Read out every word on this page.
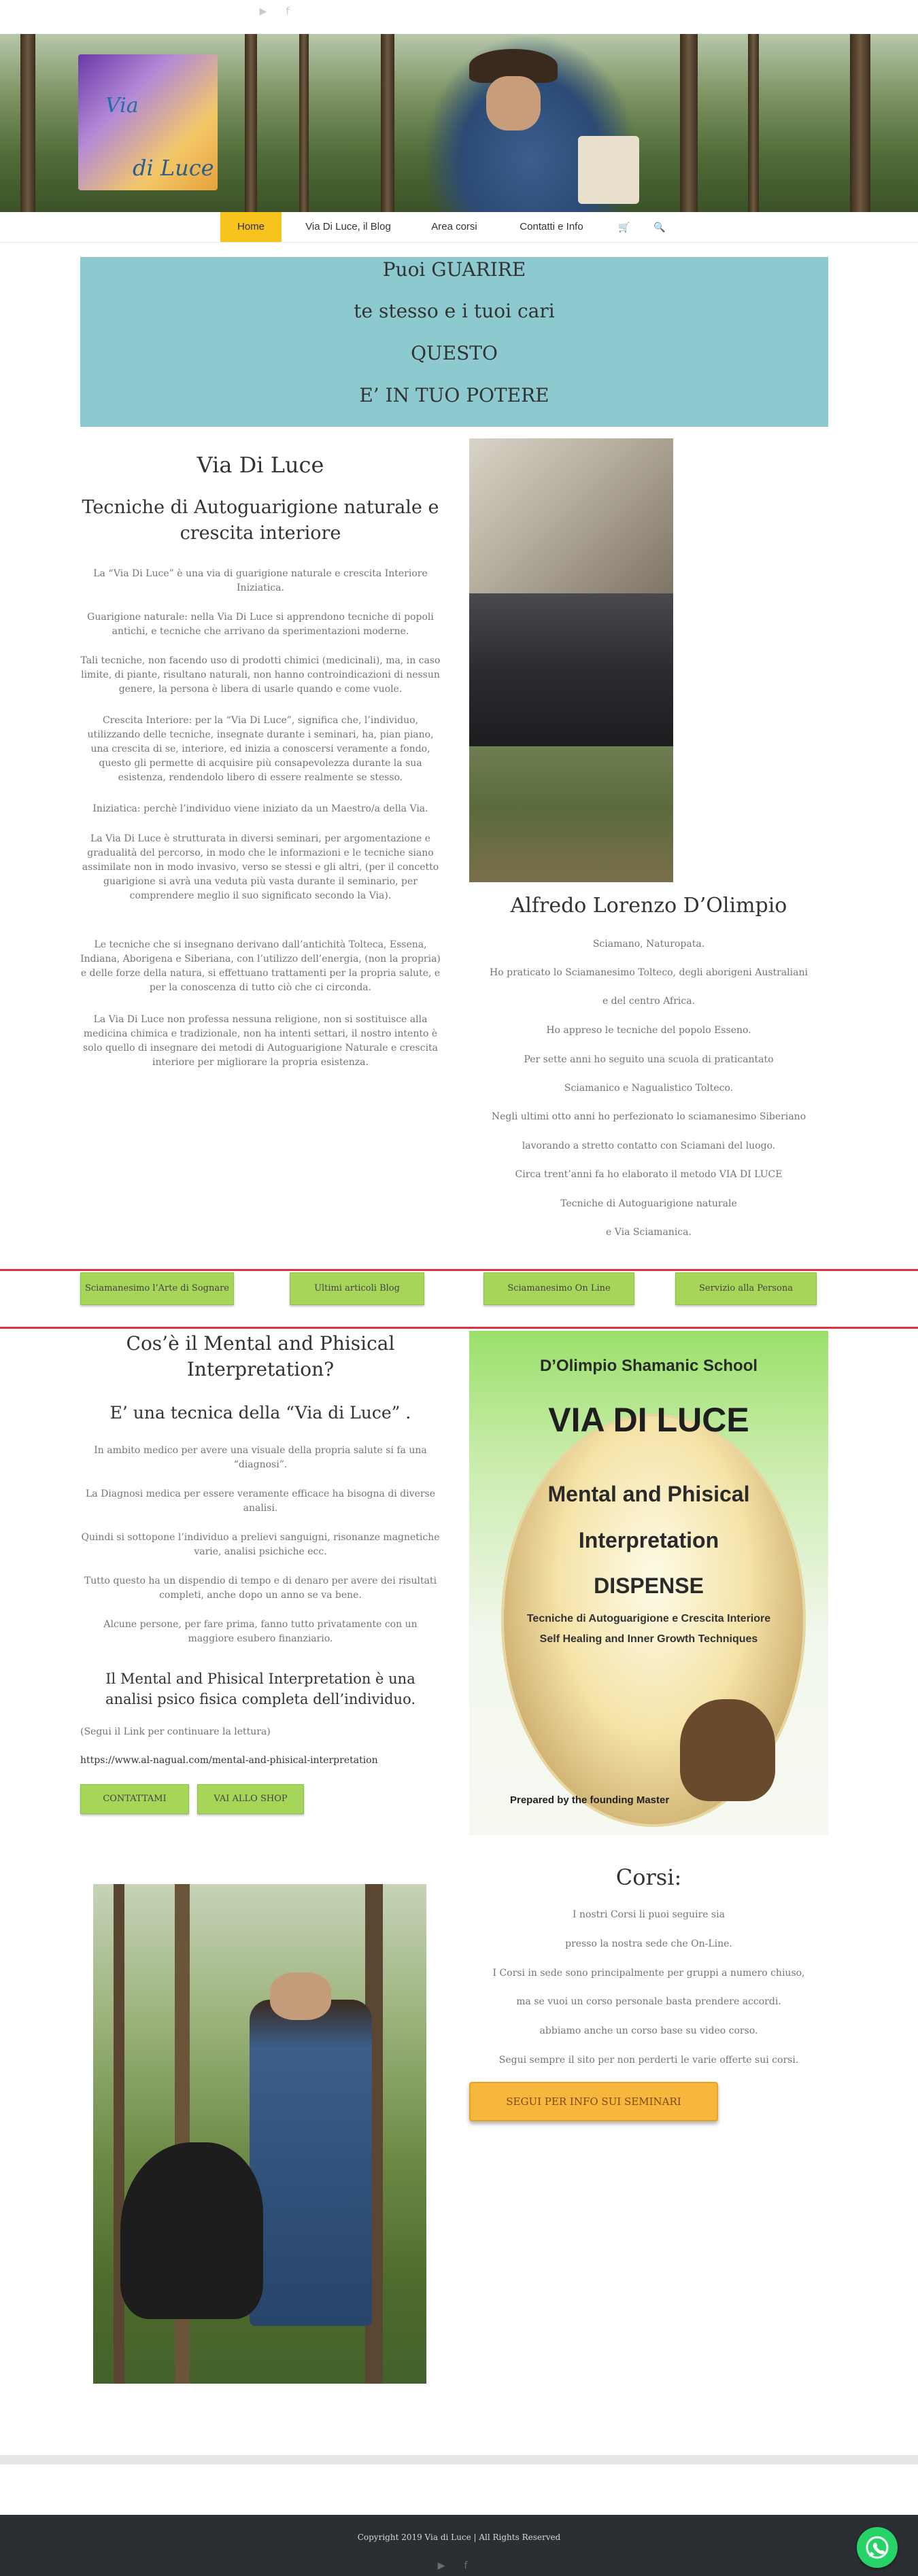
▶	f
Via
di Luce
Home	Via Di Luce, il Blog	Area corsi	Contatti e Info	🛒	🔍
Puoi GUARIRE
te stesso e i tuoi cari
QUESTO
E’ IN TUO POTERE
Via Di Luce
Tecniche di Autoguarigione naturale e crescita interiore
La “Via Di Luce” è una via di guarigione naturale e crescita Interiore Iniziatica.
Guarigione naturale: nella Via Di Luce si apprendono tecniche di popoli antichi, e tecniche che arrivano da sperimentazioni moderne.
Tali tecniche, non facendo uso di prodotti chimici (medicinali), ma, in caso limite, di piante, risultano naturali, non hanno controindicazioni di nessun genere, la persona è libera di usarle quando e come vuole.
Crescita Interiore: per la “Via Di Luce”, significa che, l’individuo, utilizzando delle tecniche, insegnate durante i seminari, ha, pian piano, una crescita di se, interiore, ed inizia a conoscersi veramente a fondo, questo gli permette di acquisire più consapevolezza durante la sua esistenza, rendendolo libero di essere realmente se stesso.
Iniziatica: perchè l’individuo viene iniziato da un Maestro/a della Via.
La Via Di Luce è strutturata in diversi seminari, per argomentazione e gradualità del percorso, in modo che le informazioni e le tecniche siano assimilate non in modo invasivo, verso se stessi e gli altri, (per il concetto guarigione si avrà una veduta più vasta durante il seminario, per comprendere meglio il suo significato secondo la Via).
Le tecniche che si insegnano derivano dall’antichità Tolteca, Essena, Indiana, Aborigena e Siberiana, con l’utilizzo dell’energia, (non la propria) e delle forze della natura, si effettuano trattamenti per la propria salute, e per la conoscenza di tutto ciò che ci circonda.
La Via Di Luce non professa nessuna religione, non si sostituisce alla medicina chimica e tradizionale, non ha intenti settari, il nostro intento è solo quello di insegnare dei metodi di Autoguarigione Naturale e crescita interiore per migliorare la propria esistenza.
Alfredo Lorenzo D’Olimpio
Sciamano, Naturopata.
Ho praticato lo Sciamanesimo Tolteco, degli aborigeni Australiani
e del centro Africa.
Ho appreso le tecniche del popolo Esseno.
Per sette anni ho seguito una scuola di praticantato
Sciamanico e Nagualistico Tolteco.
Negli ultimi otto anni ho perfezionato lo sciamanesimo Siberiano
lavorando a stretto contatto con Sciamani del luogo.
Circa trent’anni fa ho elaborato il metodo VIA DI LUCE
Tecniche di Autoguarigione naturale
e Via Sciamanica.
Sciamanesimo l’Arte di Sognare	Ultimi articoli Blog	Sciamanesimo On Line	Servizio alla Persona
Cos’è il Mental and Phisical Interpretation?
E’ una tecnica della “Via di Luce” .
In ambito medico per avere una visuale della propria salute si fa una “diagnosi”.
La Diagnosi medica per essere veramente efficace ha bisogna di diverse analisi.
Quindi si sottopone l’individuo a prelievi sanguigni, risonanze magnetiche varie, analisi psichiche ecc.
Tutto questo ha un dispendio di tempo e di denaro per avere dei risultati completi, anche dopo un anno se va bene.
Alcune persone, per fare prima, fanno tutto privatamente con un maggiore esubero finanziario.
Il Mental and Phisical Interpretation è una analisi psico fisica completa dell’individuo.
(Segui il Link per continuare la lettura)
https://www.al-nagual.com/mental-and-phisical-interpretation
CONTATTAMI	VAI ALLO SHOP
D’Olimpio Shamanic School
VIA DI LUCE
Mental and Phisical
Interpretation
DISPENSE
Tecniche di Autoguarigione e Crescita Interiore
Self Healing and Inner Growth Techniques
Prepared by the founding Master
Corsi:
I nostri Corsi li puoi seguire sia
presso la nostra sede che On-Line.
I Corsi in sede sono principalmente per gruppi a numero chiuso,
ma se vuoi un corso personale basta prendere accordi.
abbiamo anche un corso base su video corso.
Segui sempre il sito per non perderti le varie offerte sui corsi.
SEGUI PER INFO SUI SEMINARI
Copyright 2019 Via di Luce | All Rights Reserved
▶	f
